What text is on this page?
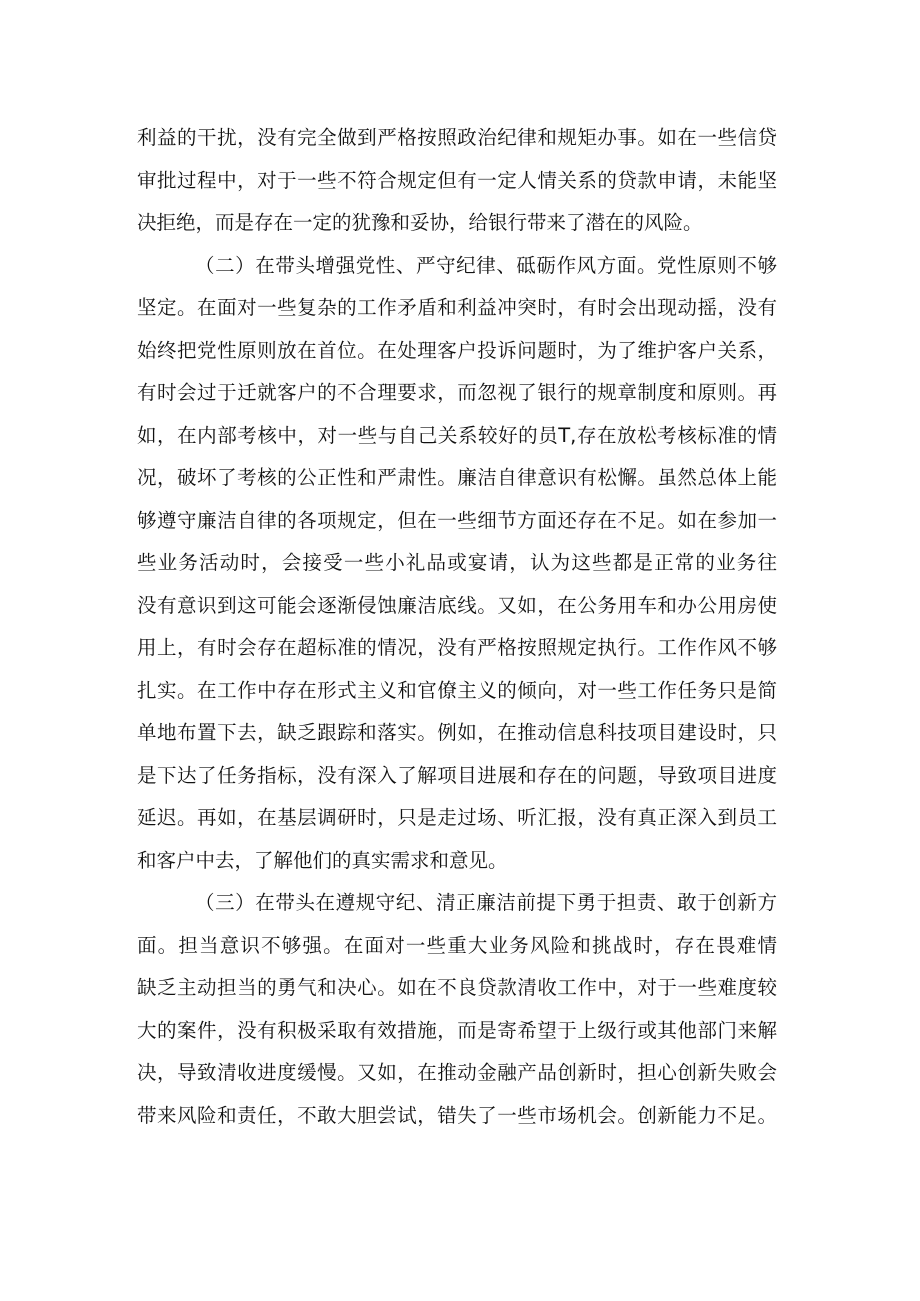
利益的干扰，没有完全做到严格按照政治纪律和规矩办事。如在一些信贷
审批过程中，对于一些不符合规定但有一定人情关系的贷款申请，未能坚
决拒绝，而是存在一定的犹豫和妥协，给银行带来了潜在的风险。
（二）在带头增强党性、严守纪律、砥砺作风方面。党性原则不够
坚定。在面对一些复杂的工作矛盾和利益冲突时，有时会出现动摇，没有
始终把党性原则放在首位。在处理客户投诉问题时，为了维护客户关系，
有时会过于迁就客户的不合理要求，而忽视了银行的规章制度和原则。再
如，在内部考核中，对一些与自己关系较好的员T,存在放松考核标准的情
况，破坏了考核的公正性和严肃性。廉洁自律意识有松懈。虽然总体上能
够遵守廉洁自律的各项规定，但在一些细节方面还存在不足。如在参加一
些业务活动时，会接受一些小礼品或宴请，认为这些都是正常的业务往
没有意识到这可能会逐渐侵蚀廉洁底线。又如，在公务用车和办公用房使
用上，有时会存在超标准的情况，没有严格按照规定执行。工作作风不够
扎实。在工作中存在形式主义和官僚主义的倾向，对一些工作任务只是简
单地布置下去，缺乏跟踪和落实。例如，在推动信息科技项目建设时，只
是下达了任务指标，没有深入了解项目进展和存在的问题，导致项目进度
延迟。再如，在基层调研时，只是走过场、听汇报，没有真正深入到员工
和客户中去，了解他们的真实需求和意见。
（三）在带头在遵规守纪、清正廉洁前提下勇于担责、敢于创新方
面。担当意识不够强。在面对一些重大业务风险和挑战时，存在畏难情
缺乏主动担当的勇气和决心。如在不良贷款清收工作中，对于一些难度较
大的案件，没有积极采取有效措施，而是寄希望于上级行或其他部门来解
决，导致清收进度缓慢。又如，在推动金融产品创新时，担心创新失败会
带来风险和责任，不敢大胆尝试，错失了一些市场机会。创新能力不足。
